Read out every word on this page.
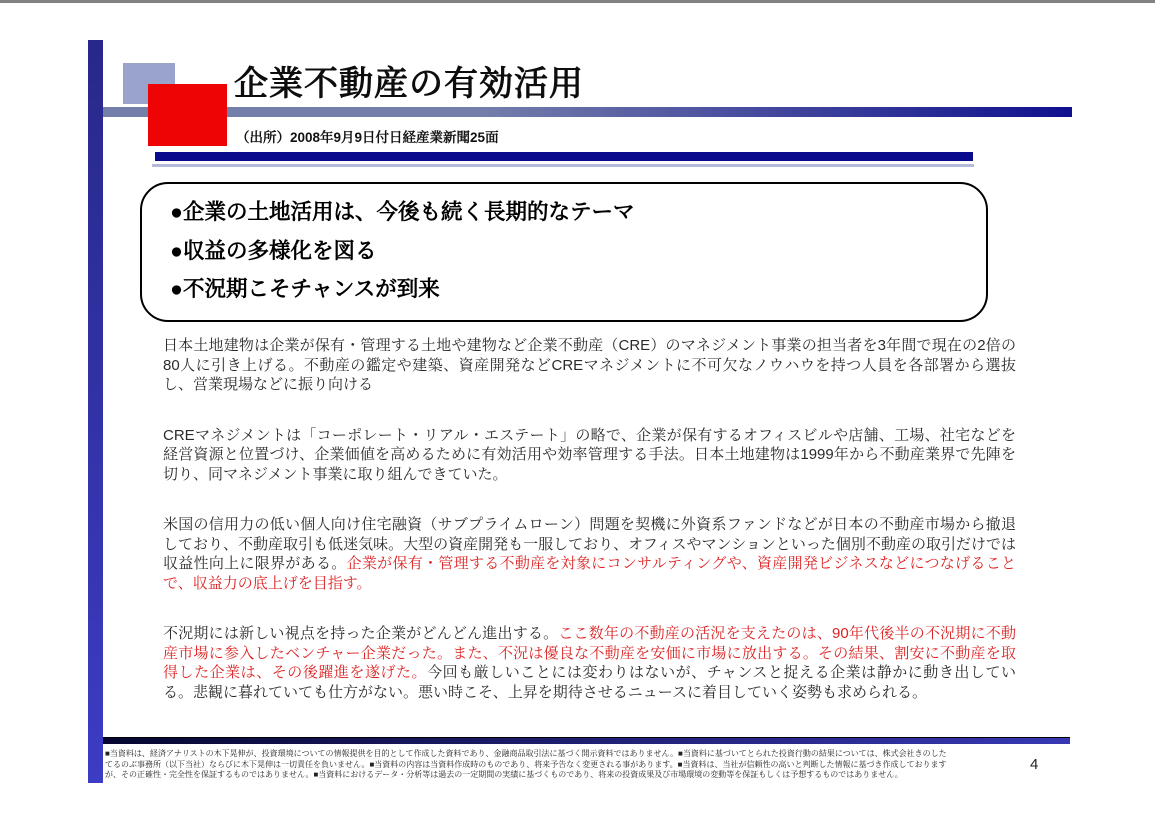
企業不動産の有効活用
（出所）2008年9月9日付日経産業新聞25面
●企業の土地活用は、今後も続く長期的なテーマ
●収益の多様化を図る
●不況期こそチャンスが到来

日本土地建物は企業が保有・管理する土地や建物など企業不動産（CRE）のマネジメント事業の担当者を3年間で現在の2倍の80人に引き上げる。不動産の鑑定や建築、資産開発などCREマネジメントに不可欠なノウハウを持つ人員を各部署から選抜し、営業現場などに振り向ける

CREマネジメントは「コーポレート・リアル・エステート」の略で、企業が保有するオフィスビルや店舗、工場、社宅などを経営資源と位置づけ、企業価値を高めるために有効活用や効率管理する手法。日本土地建物は1999年から不動産業界で先陣を切り、同マネジメント事業に取り組んできていた。

米国の信用力の低い個人向け住宅融資（サブプライムローン）問題を契機に外資系ファンドなどが日本の不動産市場から撤退しており、不動産取引も低迷気味。大型の資産開発も一服しており、オフィスやマンションといった個別不動産の取引だけでは収益性向上に限界がある。企業が保有・管理する不動産を対象にコンサルティングや、資産開発ビジネスなどにつなげることで、収益力の底上げを目指す。

不況期には新しい視点を持った企業がどんどん進出する。ここ数年の不動産の活況を支えたのは、90年代後半の不況期に不動産市場に参入したベンチャー企業だった。また、不況は優良な不動産を安価に市場に放出する。その結果、割安に不動産を取得した企業は、その後躍進を遂げた。今回も厳しいことには変わりはないが、チャンスと捉える企業は静かに動き出している。悲観に暮れていても仕方がない。悪い時こそ、上昇を期待させるニュースに着目していく姿勢も求められる。

■当資料は、経済アナリストの木下晃伸が、投資環境についての情報提供を目的として作成した資料であり、金融商品取引法に基づく開示資料ではありません。■当資料に基づいてとられた投資行動の結果については、株式会社きのした
てるのぶ事務所（以下当社）ならびに木下晃伸は一切責任を負いません。■当資料の内容は当資料作成時のものであり、将来予告なく変更される事があります。■当資料は、当社が信頼性の高いと判断した情報に基づき作成しております
が、その正確性・完全性を保証するものではありません。■当資料におけるデータ・分析等は過去の一定期間の実績に基づくものであり、将来の投資成果及び市場環境の変動等を保証もしくは予想するものではありません。
4
